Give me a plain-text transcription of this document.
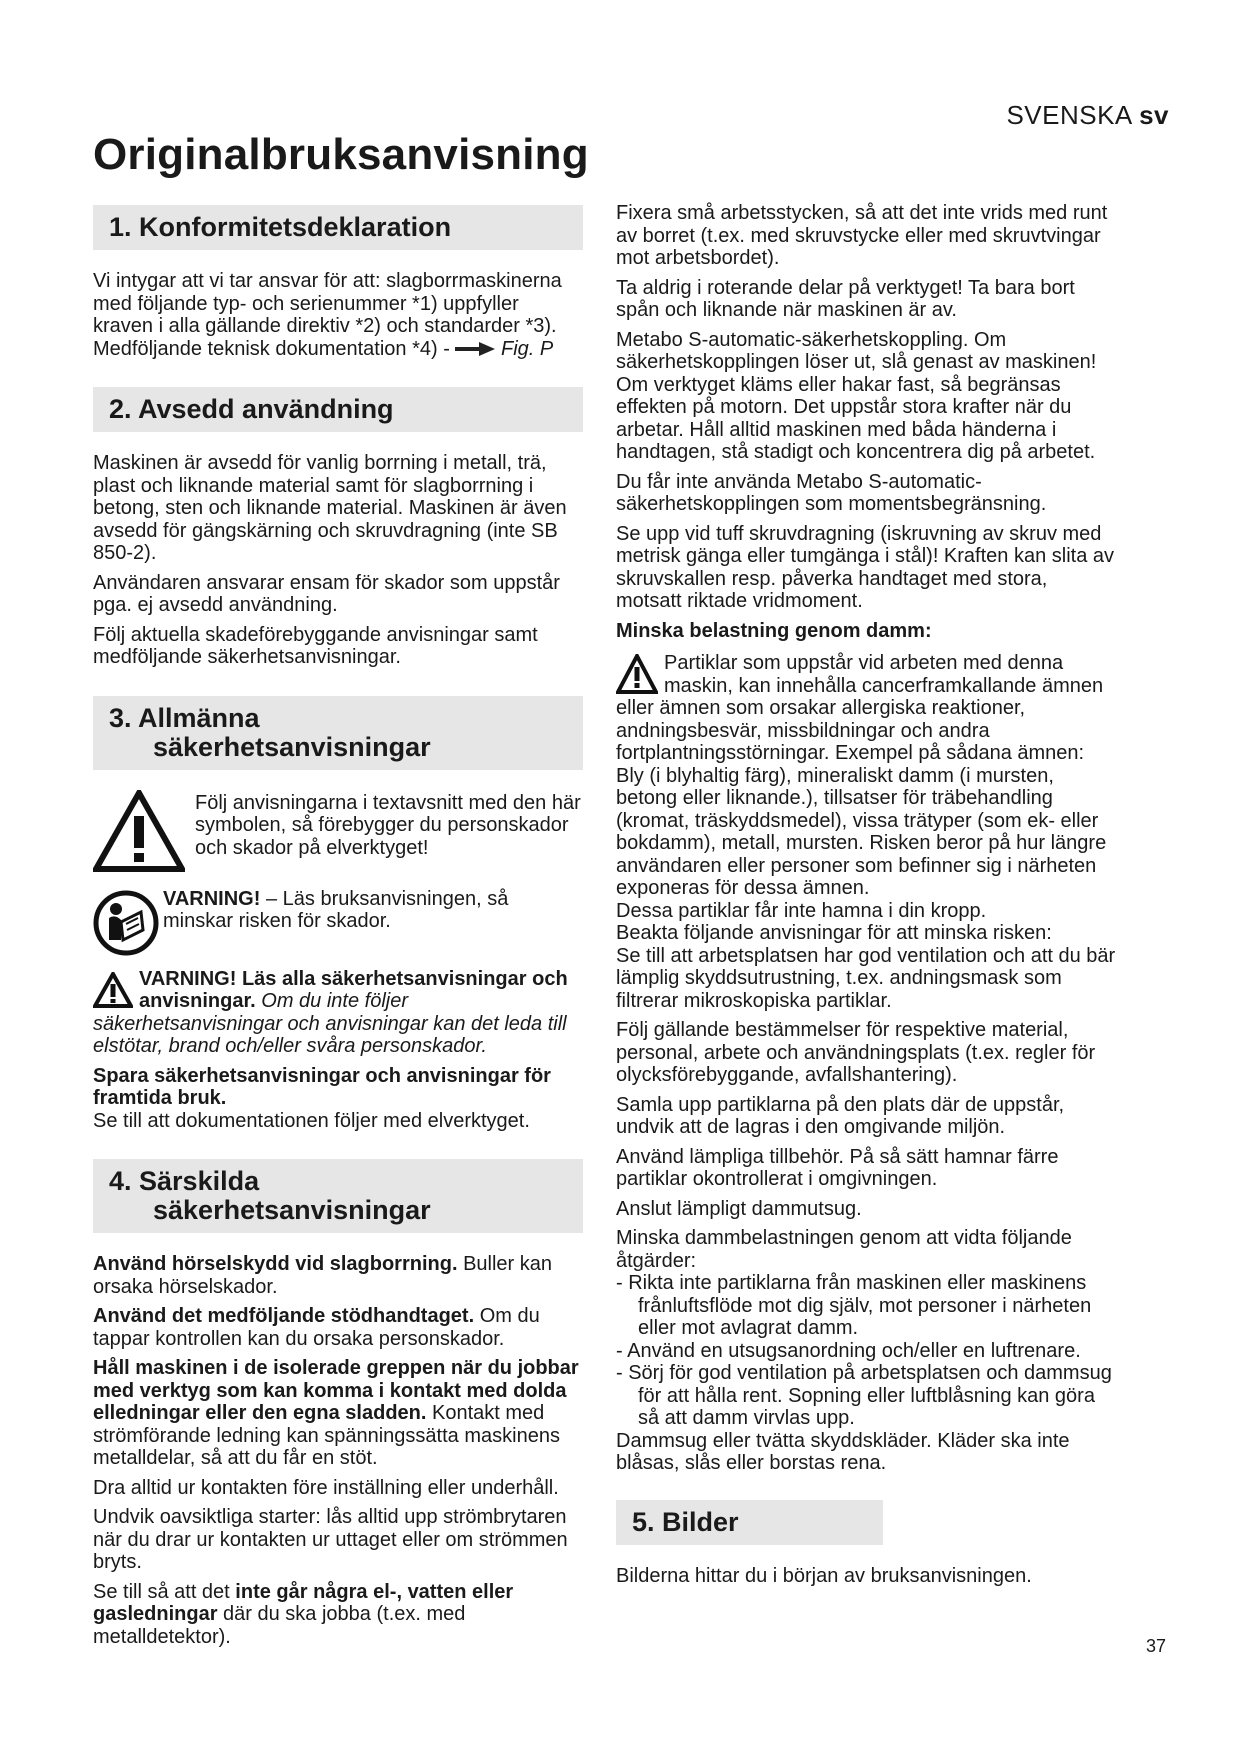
SVENSKA sv
Originalbruksanvisning
1. Konformitetsdeklaration

Vi intygar att vi tar ansvar för att: slagborrmaskinerna med följande typ- och serienummer *1) uppfyller kraven i alla gällande direktiv *2) och standarder *3). Medföljande teknisk dokumentation *4) -	Fig. P

2. Avsedd användning

Maskinen är avsedd för vanlig borrning i metall, trä, plast och liknande material samt för slagborrning i betong, sten och liknande material. Maskinen är även avsedd för gängskärning och skruvdragning (inte SB 850-2).

Användaren ansvarar ensam för skador som uppstår pga. ej avsedd användning.

Följ aktuella skadeförebyggande anvisningar samt medföljande säkerhetsanvisningar.

3. Allmänna
säkerhetsanvisningar
Följ anvisningarna i textavsnitt med den här symbolen, så förebygger du personskador och skador på elverktyget!
VARNING! – Läs bruksanvisningen, så minskar risken för skador.

VARNING! Läs alla säkerhetsanvisningar och anvisningar. Om du inte följer säkerhetsanvisningar och anvisningar kan det leda till elstötar, brand och/eller svåra personskador.

Spara säkerhetsanvisningar och anvisningar för framtida bruk.
Se till att dokumentationen följer med elverktyget.

4. Särskilda
säkerhetsanvisningar

Använd hörselskydd vid slagborrning. Buller kan orsaka hörselskador.

Använd det medföljande stödhandtaget. Om du tappar kontrollen kan du orsaka personskador.

Håll maskinen i de isolerade greppen när du jobbar med verktyg som kan komma i kontakt med dolda elledningar eller den egna sladden. Kontakt med strömförande ledning kan spänningssätta maskinens metalldelar, så att du får en stöt.

Dra alltid ur kontakten före inställning eller underhåll.

Undvik oavsiktliga starter: lås alltid upp strömbrytaren när du drar ur kontakten ur uttaget eller om strömmen bryts.

Se till så att det inte går några el-, vatten eller gasledningar där du ska jobba (t.ex. med metalldetektor).

Fixera små arbetsstycken, så att det inte vrids med runt av borret (t.ex. med skruvstycke eller med skruvtvingar mot arbetsbordet).

Ta aldrig i roterande delar på verktyget! Ta bara bort spån och liknande när maskinen är av.

Metabo S-automatic-säkerhetskoppling. Om säkerhetskopplingen löser ut, slå genast av maskinen! Om verktyget kläms eller hakar fast, så begränsas effekten på motorn. Det uppstår stora krafter när du arbetar. Håll alltid maskinen med båda händerna i handtagen, stå stadigt och koncentrera dig på arbetet.

Du får inte använda Metabo S-automatic-säkerhetskopplingen som momentsbegränsning.

Se upp vid tuff skruvdragning (iskruvning av skruv med metrisk gänga eller tumgänga i stål)! Kraften kan slita av skruvskallen resp. påverka handtaget med stora, motsatt riktade vridmoment.

Minska belastning genom damm:

Partiklar som uppstår vid arbeten med denna maskin, kan innehålla cancerframkallande ämnen eller ämnen som orsakar allergiska reaktioner, andningsbesvär, missbildningar och andra fortplantningsstörningar. Exempel på sådana ämnen: Bly (i blyhaltig färg), mineraliskt damm (i mursten, betong eller liknande.), tillsatser för träbehandling (kromat, träskyddsmedel), vissa trätyper (som ek- eller bokdamm), metall, mursten. Risken beror på hur längre användaren eller personer som befinner sig i närheten exponeras för dessa ämnen.

Dessa partiklar får inte hamna i din kropp.

Beakta följande anvisningar för att minska risken:

Se till att arbetsplatsen har god ventilation och att du bär lämplig skyddsutrustning, t.ex. andningsmask som filtrerar mikroskopiska partiklar.

Följ gällande bestämmelser för respektive material, personal, arbete och användningsplats (t.ex. regler för olycksförebyggande, avfallshantering).

Samla upp partiklarna på den plats där de uppstår, undvik att de lagras i den omgivande miljön.

Använd lämpliga tillbehör. På så sätt hamnar färre partiklar okontrollerat i omgivningen.

Anslut lämpligt dammutsug.

Minska dammbelastningen genom att vidta följande åtgärder:

- Rikta inte partiklarna från maskinen eller maskinens frånluftsflöde mot dig själv, mot personer i närheten eller mot avlagrat damm.
- Använd en utsugsanordning och/eller en luftrenare.
- Sörj för god ventilation på arbetsplatsen och dammsug för att hålla rent. Sopning eller luftblåsning kan göra så att damm virvlas upp.

Dammsug eller tvätta skyddskläder. Kläder ska inte blåsas, slås eller borstas rena.

5. Bilder

Bilderna hittar du i början av bruksanvisningen.

37
